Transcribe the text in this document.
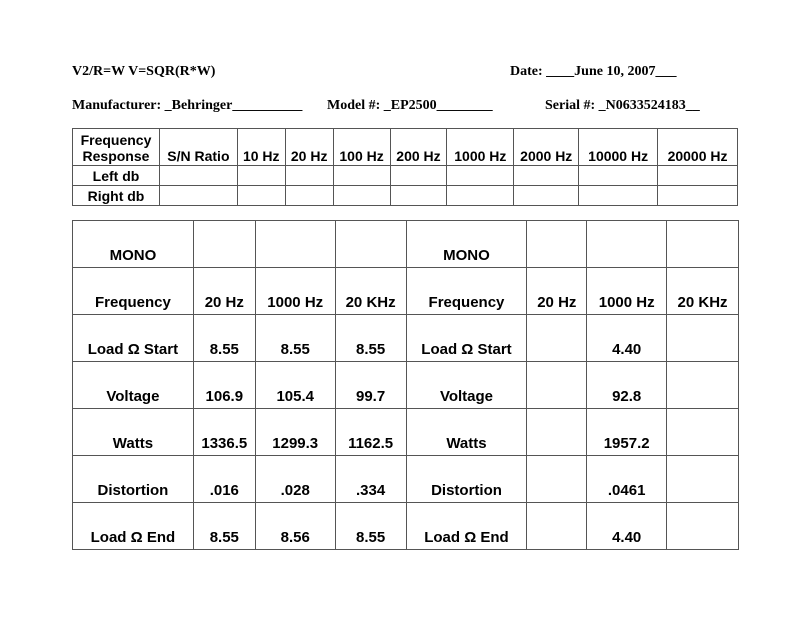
V2/R=W V=SQR(R*W)	Date: ____June 10, 2007___
Manufacturer: _Behringer__________ Model #: _EP2500________	Serial #: _N0633524183__
Frequency Response	S/N Ratio	10 Hz	20 Hz	100 Hz	200 Hz	1000 Hz	2000 Hz	10000 Hz	20000 Hz
Left db									
Right db									
MONO				MONO			
Frequency	20 Hz	1000 Hz	20 KHz	Frequency	20 Hz	1000 Hz	20 KHz
Load Ω Start	8.55	8.55	8.55	Load Ω Start		4.40	
Voltage	106.9	105.4	99.7	Voltage		92.8	
Watts	1336.5	1299.3	1162.5	Watts		1957.2	
Distortion	.016	.028	.334	Distortion		.0461	
Load Ω End	8.55	8.56	8.55	Load Ω End		4.40	
